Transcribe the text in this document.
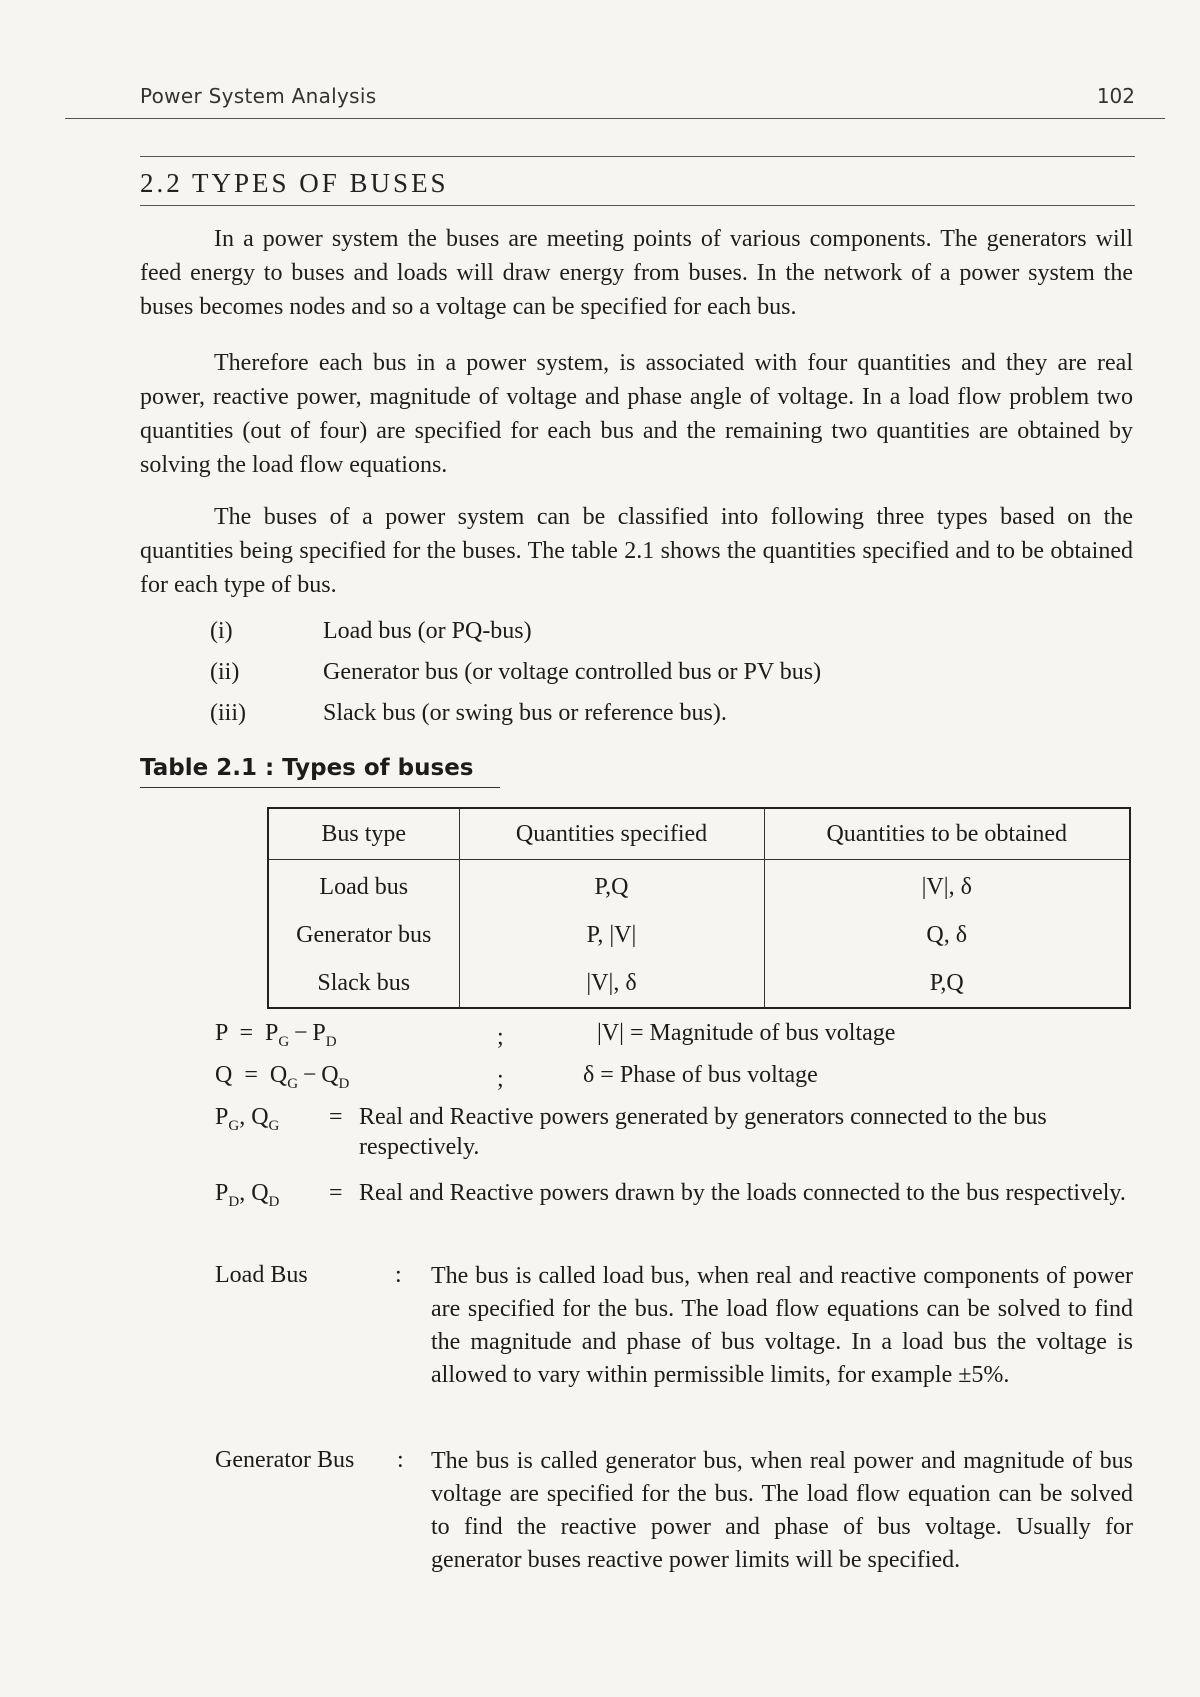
Power System Analysis	102
2.2 TYPES OF BUSES

In a power system the buses are meeting points of various components. The generators will feed energy to buses and loads will draw energy from buses. In the network of a power system the buses becomes nodes and so a voltage can be specified for each bus.

Therefore each bus in a power system, is associated with four quantities and they are real power, reactive power, magnitude of voltage and phase angle of voltage. In a load flow problem two quantities (out of four) are specified for each bus and the remaining two quantities are obtained by solving the load flow equations.

The buses of a power system can be classified into following three types based on the quantities being specified for the buses. The table 2.1 shows the quantities specified and to be obtained for each type of bus.

(i)	Load bus (or PQ-bus)
(ii)	Generator bus (or voltage controlled bus or PV bus)
(iii)	Slack bus (or swing bus or reference bus).
Table 2.1 : Types of buses
Bus type	Quantities specified	Quantities to be obtained
Load bus	P,Q	|V|, δ
Generator bus	P, |V|	Q, δ
Slack bus	|V|, δ	P,Q
$P = P_G - P_D$	;	|V| = Magnitude of bus voltage
$Q = Q_G - Q_D$	;	δ = Phase of bus voltage
$P_G$, $Q_G$ = Real and Reactive powers generated by generators connected to the bus respectively.

$P_D$, $Q_D$ = Real and Reactive powers drawn by the loads connected to the bus respectively.

Load Bus	: The bus is called load bus, when real and reactive components of power are specified for the bus. The load flow equations can be solved to find the magnitude and phase of bus voltage. In a load bus the voltage is allowed to vary within permissible limits, for example ±5%.

Generator Bus : The bus is called generator bus, when real power and magnitude of bus voltage are specified for the bus. The load flow equation can be solved to find the reactive power and phase of bus voltage. Usually for generator buses reactive power limits will be specified.
